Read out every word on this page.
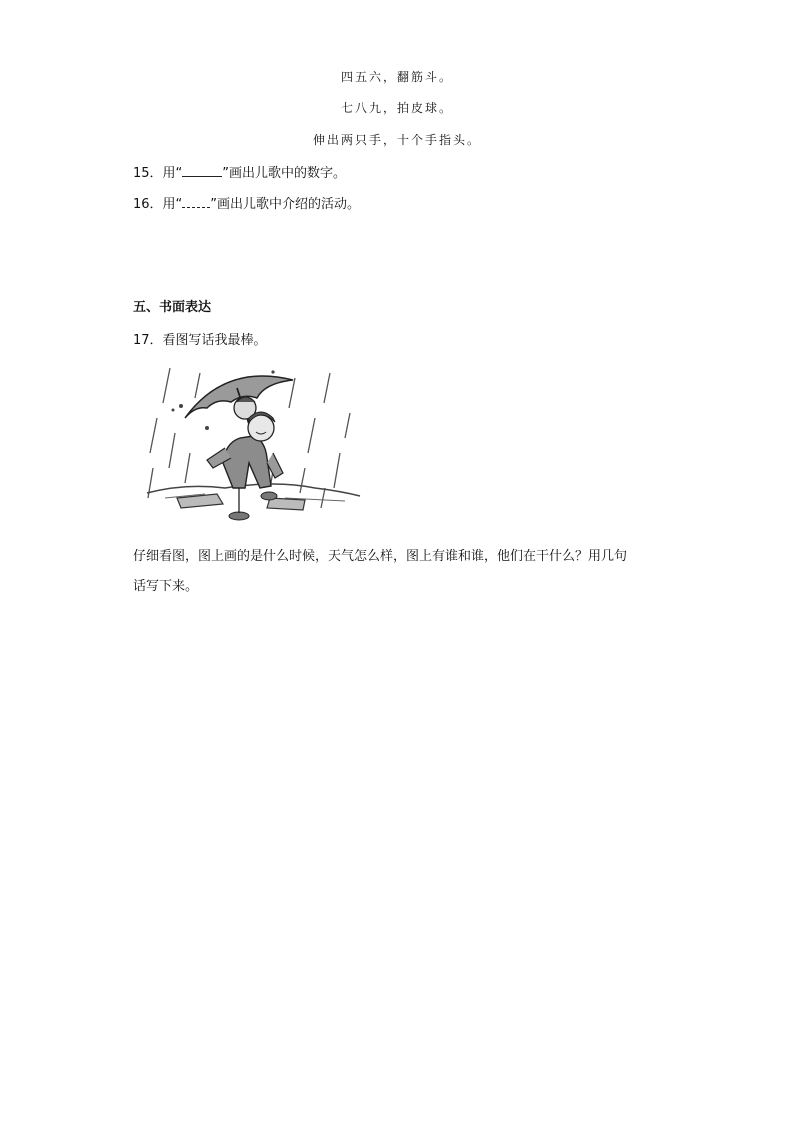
四五六，翻筋斗。
七八九，拍皮球。
伸出两只手，十个手指头。
15．用“	”画出儿歌中的数字。
16．用“ ”画出儿歌中介绍的活动。
五、书面表达
17．看图写话我最棒。
仔细看图，图上画的是什么时候，天气怎么样，图上有谁和谁，他们在干什么？用几句
话写下来。
